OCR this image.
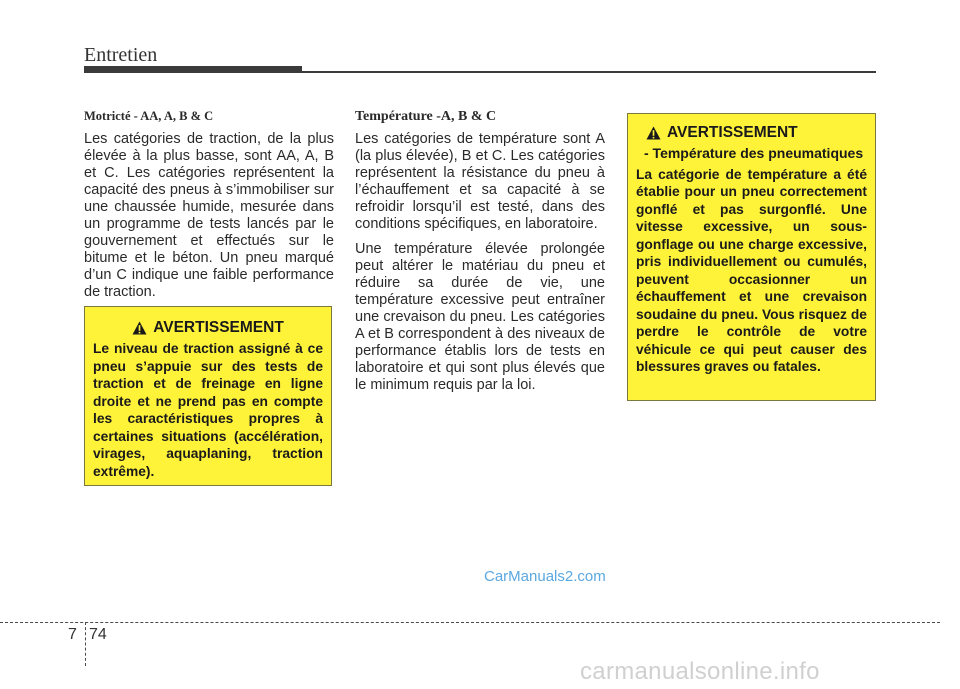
Entretien
Motricté - AA, A, B & C

Les catégories de traction, de la plus élevée à la plus basse, sont AA, A, B et C. Les catégories représentent la capacité des pneus à s’immobiliser sur une chaussée humide, mesurée dans un programme de tests lancés par le gouvernement et effectués sur le bitume et le béton. Un pneu marqué d’un C indique une faible performance de traction.

AVERTISSEMENT

Le niveau de traction assigné à ce pneu s’appuie sur des tests de traction et de freinage en ligne droite et ne prend pas en compte les caractéristiques propres à certaines situations (accélération, virages, aquaplaning, traction extrême).

Température -A, B & C

Les catégories de température sont A (la plus élevée), B et C. Les catégories représentent la résistance du pneu à l’échauffement et sa capacité à se refroidir lorsqu’il est testé, dans des conditions spécifiques, en laboratoire.

Une température élevée prolongée peut altérer le matériau du pneu et réduire sa durée de vie, une température excessive peut entraîner une crevaison du pneu. Les catégories A et B correspondent à des niveaux de performance établis lors de tests en laboratoire et qui sont plus élevés que le minimum requis par la loi.

AVERTISSEMENT
- Température des pneumatiques

La catégorie de température a été établie pour un pneu correctement gonflé et pas surgonflé. Une vitesse excessive, un sous-gonflage ou une charge excessive, pris individuellement ou cumulés, peuvent occasionner un échauffement et une crevaison soudaine du pneu. Vous risquez de perdre le contrôle de votre véhicule ce qui peut causer des blessures graves ou fatales.

CarManuals2.com
7 74
carmanualsonline.info
